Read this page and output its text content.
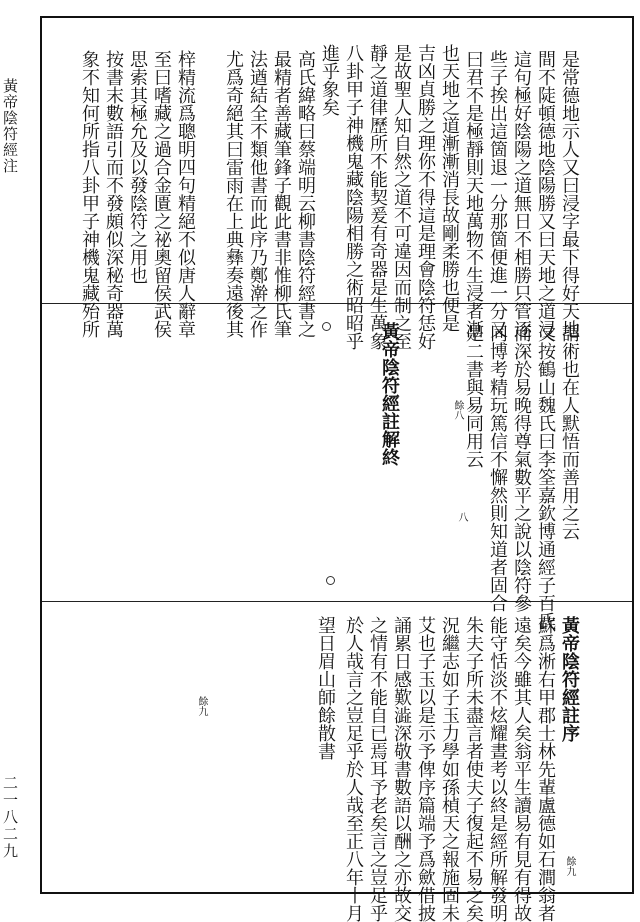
黃帝陰符經注
二一八二九
是常德地示人又曰浸字最下得好天地
間不陡頓德地陰陽勝又曰天地之道浸
這句極好陰陽之道無日不相勝只管逐
些子挨出這箇退一分那箇便進一分又
曰君不是極靜則天地萬物不生浸者漸
也天地之道漸漸消長故剛柔勝也便是
吉凶貞勝之理你不得這是理會陰符恁好
是故聖人知自然之道不可違因而制之至
靜之道律歷所不能契爰有奇器是生萬象
八卦甲子神機鬼藏陰陽相勝之術昭昭乎
進乎象矣
高氏緯略曰蔡端明云柳書陰符經書之
最精者善藏筆鋒子觀此書非惟柳氏筆
法遒結全不類他書而此序乃鄭澣之作
尤爲奇絕其曰雷雨在上典彝奏遠後其
梓精流爲聰明四句精絕不似唐人辭章
至曰嗜藏之過合金匱之祕奧留侯武侯
思索其極允及以發陰符之用也
按書末數語引而不發頗似深秘奇器萬
象不知何所指八卦甲子神機鬼藏殆所
謂術也在人默悟而善用之云
又按鶴山魏氏曰李筌嘉欽博通經子百氏
而深於易晚得尊氣數平之說以陰符參
同博考精玩篤信不懈然則知道者固合
是二書與易同用云
餘八
八
黃帝陰符經註解終
黃帝陰符經註序
蘇爲淅右甲郡士林先輩盧德如石澗翁者
遠矣今雖其人矣翁平生讀易有見有得故
能守恬淡不炫耀晝考以終是經所解發明
朱夫子所未盡言者使夫子復起不易之矣
況繼志如子玉力學如孫楨天之報施固未
艾也子玉以是示予俾序篇端予爲歛借披
誦累日感歎澁深敬書數語以酬之亦故交
之情有不能自已焉耳予老矣言之豈足乎
於人哉言之豈足乎於人哉至正八年十月
望日眉山師餘散書
餘九
餘九
